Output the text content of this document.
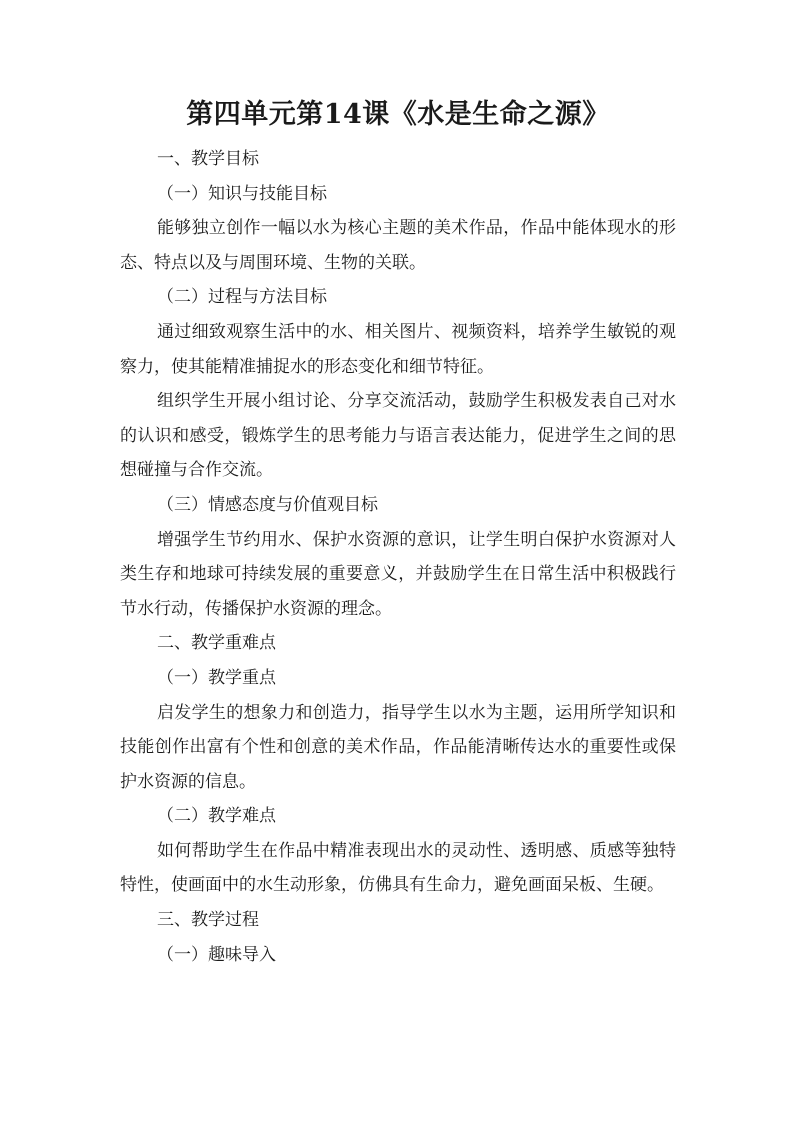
第四单元第14课《水是生命之源》
一、教学目标
（一）知识与技能目标
能够独立创作一幅以水为核心主题的美术作品，作品中能体现水的形态、特点以及与周围环境、生物的关联。
（二）过程与方法目标
通过细致观察生活中的水、相关图片、视频资料，培养学生敏锐的观察力，使其能精准捕捉水的形态变化和细节特征。
组织学生开展小组讨论、分享交流活动，鼓励学生积极发表自己对水的认识和感受，锻炼学生的思考能力与语言表达能力，促进学生之间的思想碰撞与合作交流。
（三）情感态度与价值观目标
增强学生节约用水、保护水资源的意识，让学生明白保护水资源对人类生存和地球可持续发展的重要意义，并鼓励学生在日常生活中积极践行节水行动，传播保护水资源的理念。
二、教学重难点
（一）教学重点
启发学生的想象力和创造力，指导学生以水为主题，运用所学知识和技能创作出富有个性和创意的美术作品，作品能清晰传达水的重要性或保护水资源的信息。
（二）教学难点
如何帮助学生在作品中精准表现出水的灵动性、透明感、质感等独特特性，使画面中的水生动形象，仿佛具有生命力，避免画面呆板、生硬。
三、教学过程
（一）趣味导入
